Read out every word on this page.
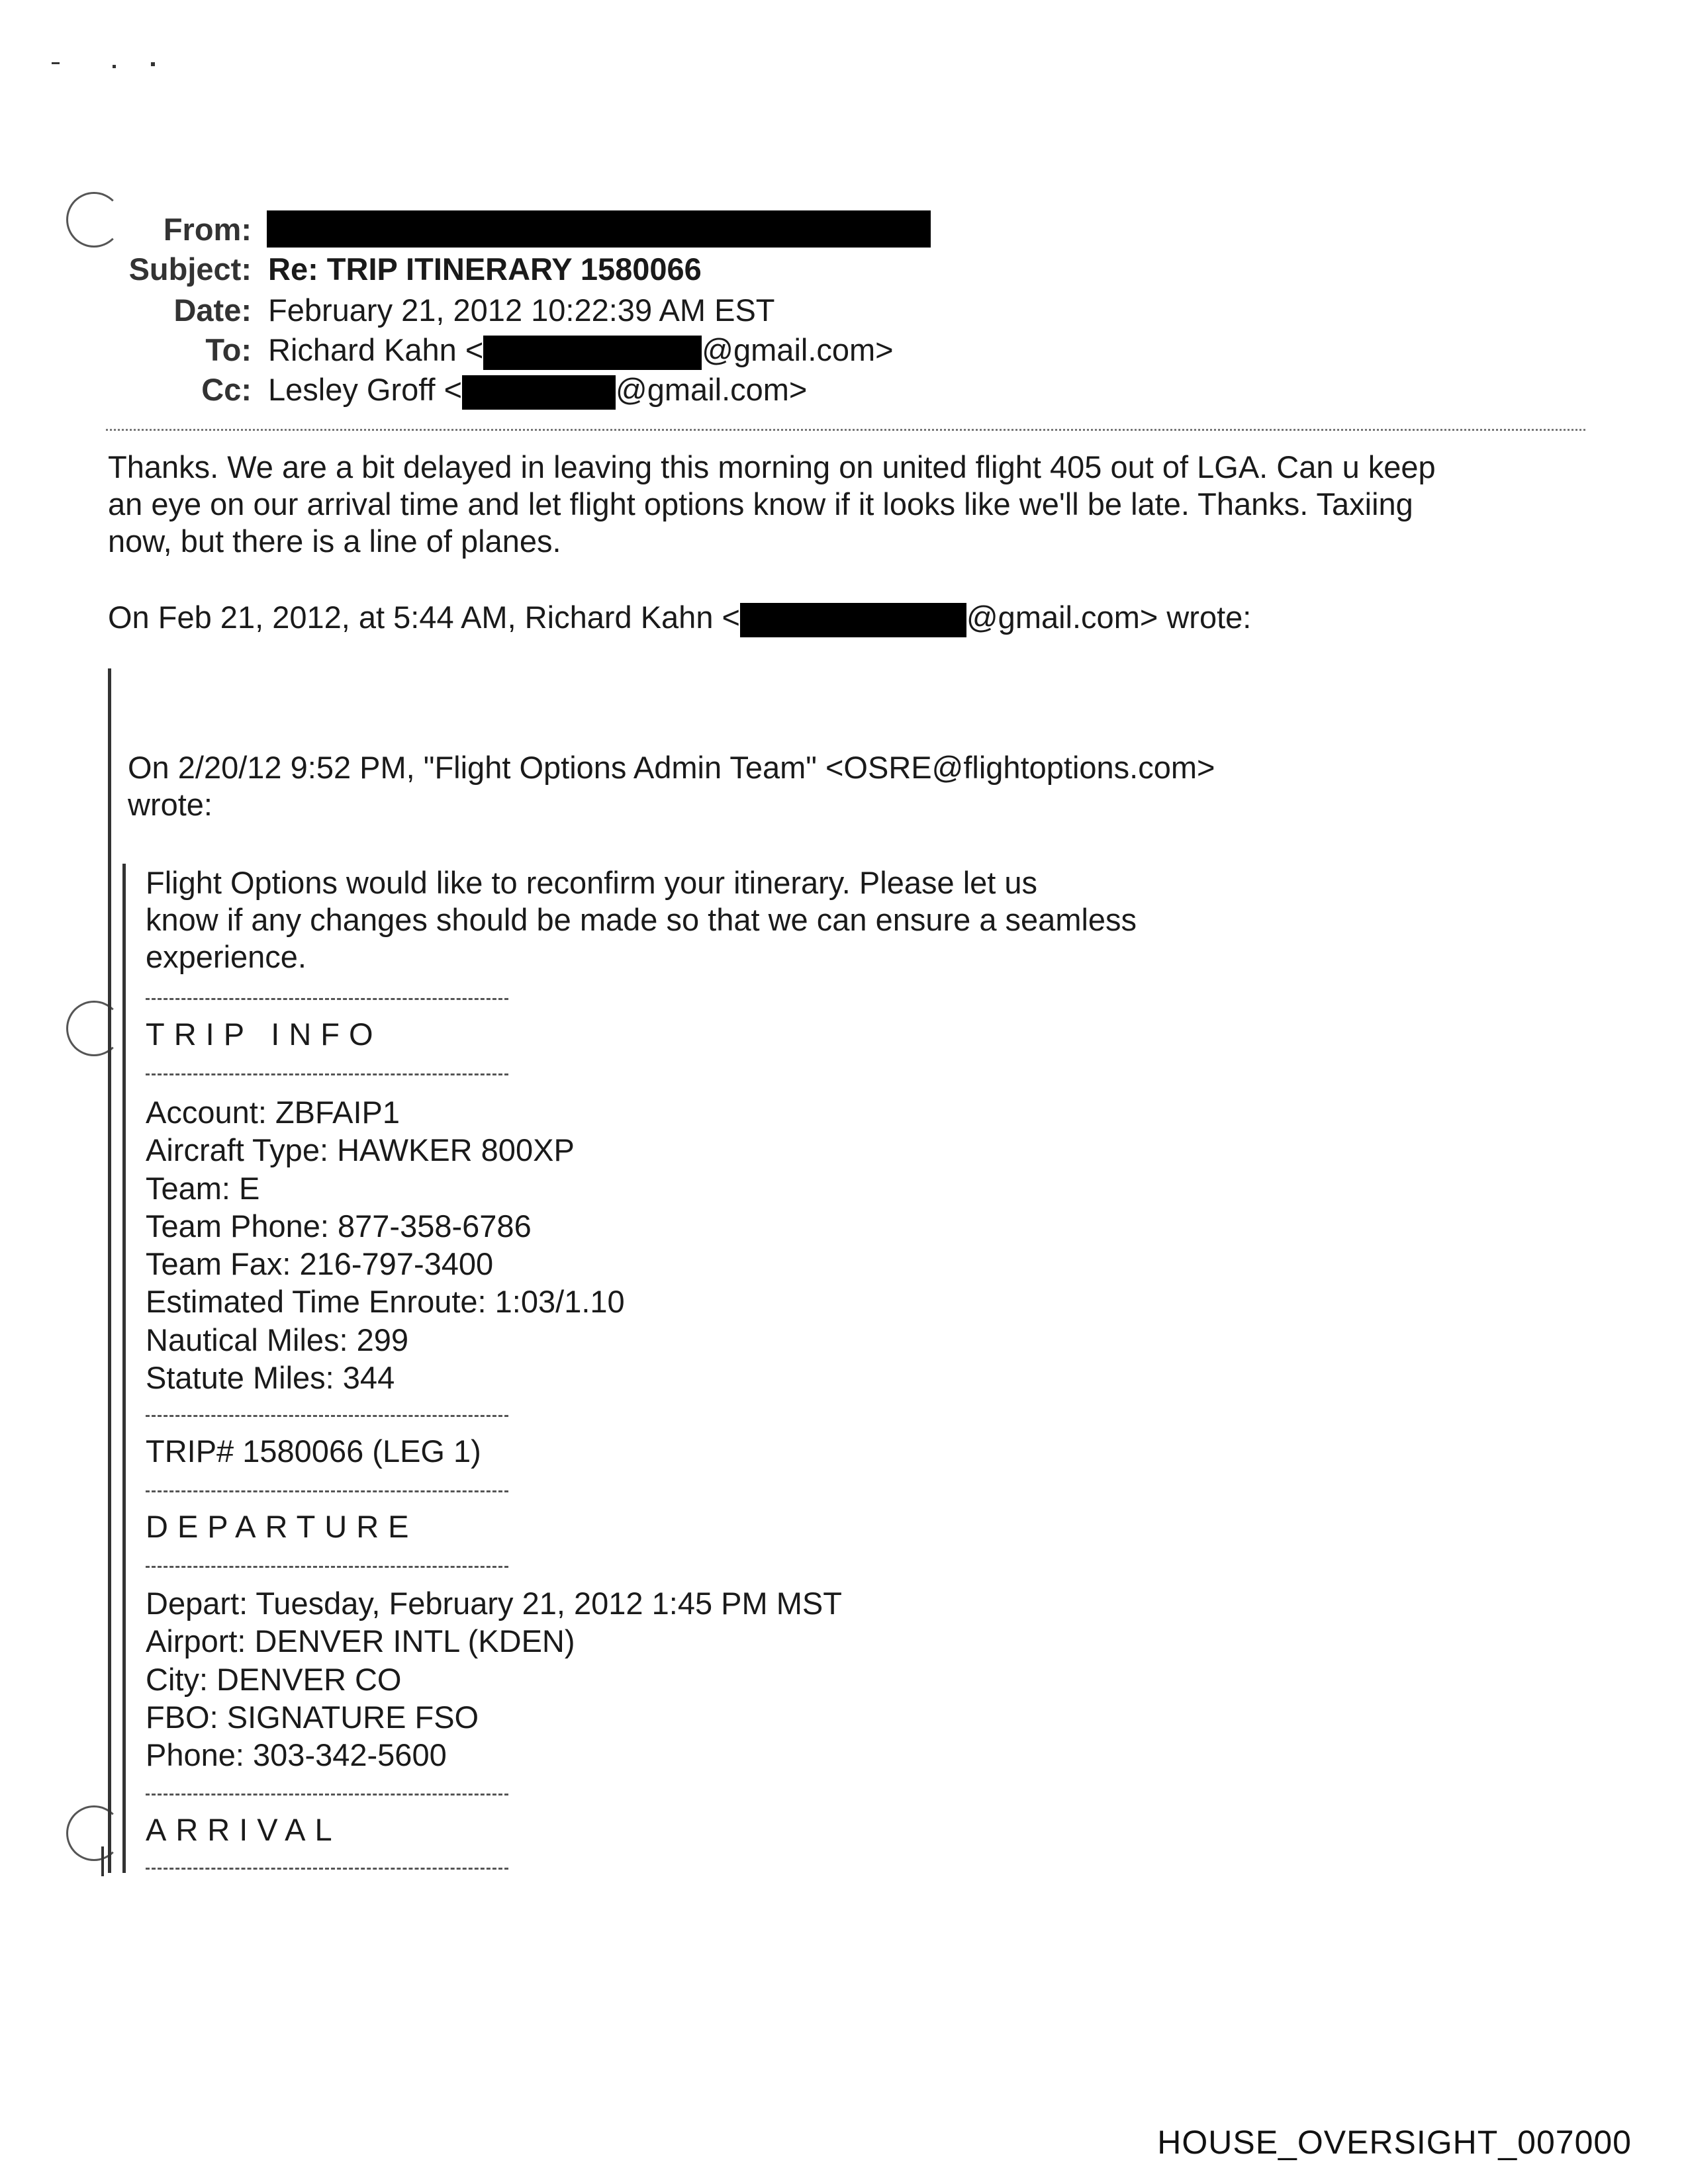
From:
Subject: Re: TRIP ITINERARY 1580066
Date: February 21, 2012 10:22:39 AM EST
To: Richard Kahn <	@gmail.com>
Cc: Lesley Groff <	@gmail.com>
Thanks. We are a bit delayed in leaving this morning on united flight 405 out of LGA. Can u keep
an eye on our arrival time and let flight options know if it looks like we'll be late. Thanks. Taxiing
now, but there is a line of planes.
On Feb 21, 2012, at 5:44 AM, Richard Kahn <	@gmail.com> wrote:
On 2/20/12 9:52 PM, "Flight Options Admin Team" <OSRE@flightoptions.com>
wrote:
Flight Options would like to reconfirm your itinerary. Please let us
know if any changes should be made so that we can ensure a seamless
experience.
TRIP INFO
Account: ZBFAIP1
Aircraft Type: HAWKER 800XP
Team: E
Team Phone: 877-358-6786
Team Fax: 216-797-3400
Estimated Time Enroute: 1:03/1.10
Nautical Miles: 299
Statute Miles: 344
TRIP# 1580066 (LEG 1)
DEPARTURE
Depart: Tuesday, February 21, 2012 1:45 PM MST
Airport: DENVER INTL (KDEN)
City: DENVER CO
FBO: SIGNATURE FSO
Phone: 303-342-5600
ARRIVAL
HOUSE_OVERSIGHT_007000
